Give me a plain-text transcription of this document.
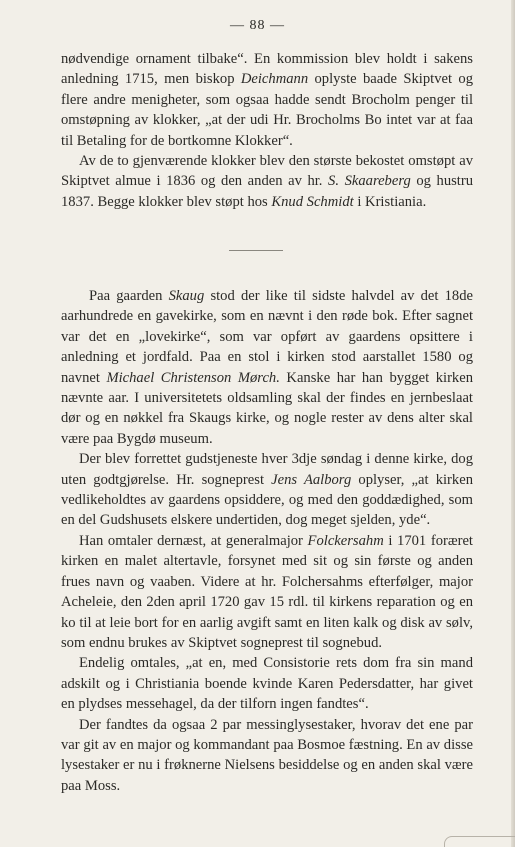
— 88 —

nødvendige ornament tilbake“. En kommission blev holdt i sakens anledning 1715, men biskop Deichmann oplyste baade Skiptvet og flere andre menigheter, som ogsaa hadde sendt Brocholm penger til omstøpning av klokker, „at der udi Hr. Brocholms Bo intet var at faa til Betaling for de bortkomne Klokker“.

Av de to gjenværende klokker blev den største bekostet omstøpt av Skiptvet almue i 1836 og den anden av hr. S. Skaareberg og hustru 1837. Begge klokker blev støpt hos Knud Schmidt i Kristiania.

Paa gaarden Skaug stod der like til sidste halvdel av det 18de aarhundrede en gavekirke, som en nævnt i den røde bok. Efter sagnet var det en „lovekirke“, som var opført av gaardens opsittere i anledning et jordfald. Paa en stol i kirken stod aarstallet 1580 og navnet Michael Christenson Mørch. Kanske har han bygget kirken nævnte aar. I universitetets oldsamling skal der findes en jernbeslaat dør og en nøkkel fra Skaugs kirke, og nogle rester av dens alter skal være paa Bygdø museum.

Der blev forrettet gudstjeneste hver 3dje søndag i denne kirke, dog uten godtgjørelse. Hr. sogneprest Jens Aalborg oplyser, „at kirken vedlikeholdtes av gaardens opsiddere, og med den goddædighed, som en del Gudshusets elskere undertiden, dog meget sjelden, yde“.

Han omtaler dernæst, at generalmajor Folckersahm i 1701 foræret kirken en malet altertavle, forsynet med sit og sin første og anden frues navn og vaaben. Videre at hr. Folchersahms efterfølger, major Acheleie, den 2den april 1720 gav 15 rdl. til kirkens reparation og en ko til at leie bort for en aarlig avgift samt en liten kalk og disk av sølv, som endnu brukes av Skiptvet sogneprest til sognebud.

Endelig omtales, „at en, med Consistorie rets dom fra sin mand adskilt og i Christiania boende kvinde Karen Pedersdatter, har givet en plydses messehagel, da der tilforn ingen fandtes“.

Der fandtes da ogsaa 2 par messinglysestaker, hvorav det ene par var git av en major og kommandant paa Bosmoe fæstning. En av disse lysestaker er nu i frøknerne Nielsens besiddelse og en anden skal være paa Moss.
